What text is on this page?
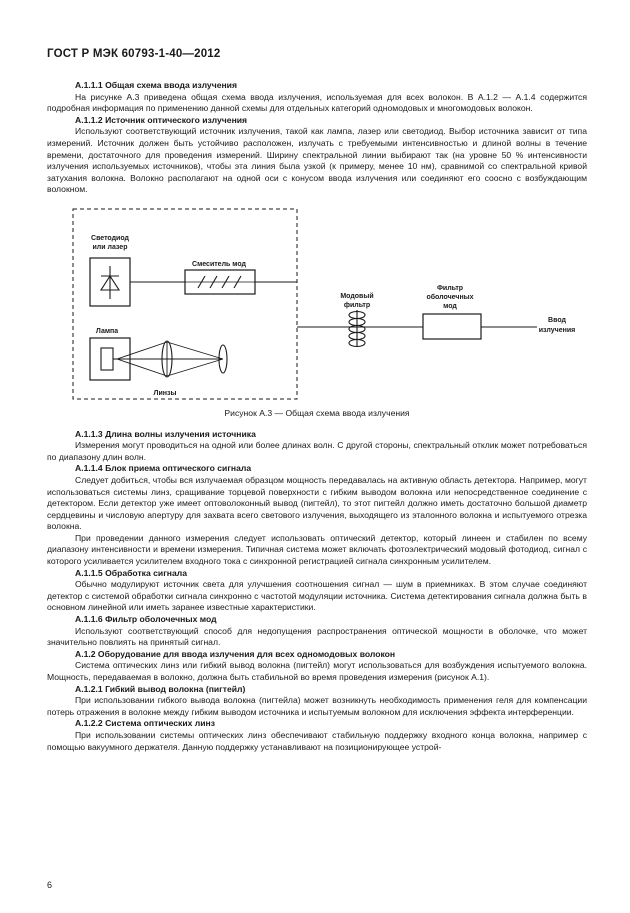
ГОСТ Р МЭК 60793-1-40—2012
А.1.1.1 Общая схема ввода излучения
На рисунке А.3 приведена общая схема ввода излучения, используемая для всех волокон. В А.1.2 — А.1.4 содержится подробная информация по применению данной схемы для отдельных категорий одномодовых и многомодовых волокон.
А.1.1.2 Источник оптического излучения
Используют соответствующий источник излучения, такой как лампа, лазер или светодиод. Выбор источника зависит от типа измерений. Источник должен быть устойчиво расположен, излучать с требуемыми интенсивностью и длиной волны в течение времени, достаточного для проведения измерений. Ширину спектральной линии выбирают так (на уровне 50 % интенсивности излучения используемых источников), чтобы эта линия была узкой (к примеру, менее 10 нм), сравнимой со спектральной кривой затухания волокна. Волокно располагают на одной оси с конусом ввода излучения или соединяют его соосно с возбуждающим волокном.
Светодиод
или лазер
Смеситель мод
Лампа
Линзы
Модовый
фильтр
Фильтр
оболочечных
мод
Ввод
излучения
Рисунок А.3 — Общая схема ввода излучения
А.1.1.3 Длина волны излучения источника
Измерения могут проводиться на одной или более длинах волн. С другой стороны, спектральный отклик может потребоваться по диапазону длин волн.
А.1.1.4 Блок приема оптического сигнала
Следует добиться, чтобы вся излучаемая образцом мощность передавалась на активную область детектора. Например, могут использоваться системы линз, сращивание торцевой поверхности с гибким выводом волокна или непосредственное соединение с детектором. Если детектор уже имеет оптоволоконный вывод (пигтейл), то этот пигтейл должно иметь достаточно большой диаметр сердцевины и числовую апертуру для захвата всего светового излучения, выходящего из эталонного волокна и испытуемого отрезка волокна.
При проведении данного измерения следует использовать оптический детектор, который линеен и стабилен по всему диапазону интенсивности и времени измерения. Типичная система может включать фотоэлектрический модовый фотодиод, сигнал с которого усиливается усилителем входного тока с синхронной регистрацией сигнала синхронным усилителем.
А.1.1.5 Обработка сигнала
Обычно модулируют источник света для улучшения соотношения сигнал — шум в приемниках. В этом случае соединяют детектор с системой обработки сигнала синхронно с частотой модуляции источника. Система детектирования сигнала должна быть в основном линейной или иметь заранее известные характеристики.
А.1.1.6 Фильтр оболочечных мод
Используют соответствующий способ для недопущения распространения оптической мощности в оболочке, что может значительно повлиять на принятый сигнал.
А.1.2 Оборудование для ввода излучения для всех одномодовых волокон
Система оптических линз или гибкий вывод волокна (пигтейл) могут использоваться для возбуждения испытуемого волокна. Мощность, передаваемая в волокно, должна быть стабильной во время проведения измерения (рисунок А.1).
А.1.2.1 Гибкий вывод волокна (пигтейл)
При использовании гибкого вывода волокна (пигтейла) может возникнуть необходимость применения геля для компенсации потерь отражения в волокне между гибким выводом источника и испытуемым волокном для исключения эффекта интерференции.
А.1.2.2 Система оптических линз
При использовании системы оптических линз обеспечивают стабильную поддержку входного конца волокна, например с помощью вакуумного держателя. Данную поддержку устанавливают на позиционирующее устрой-
6
